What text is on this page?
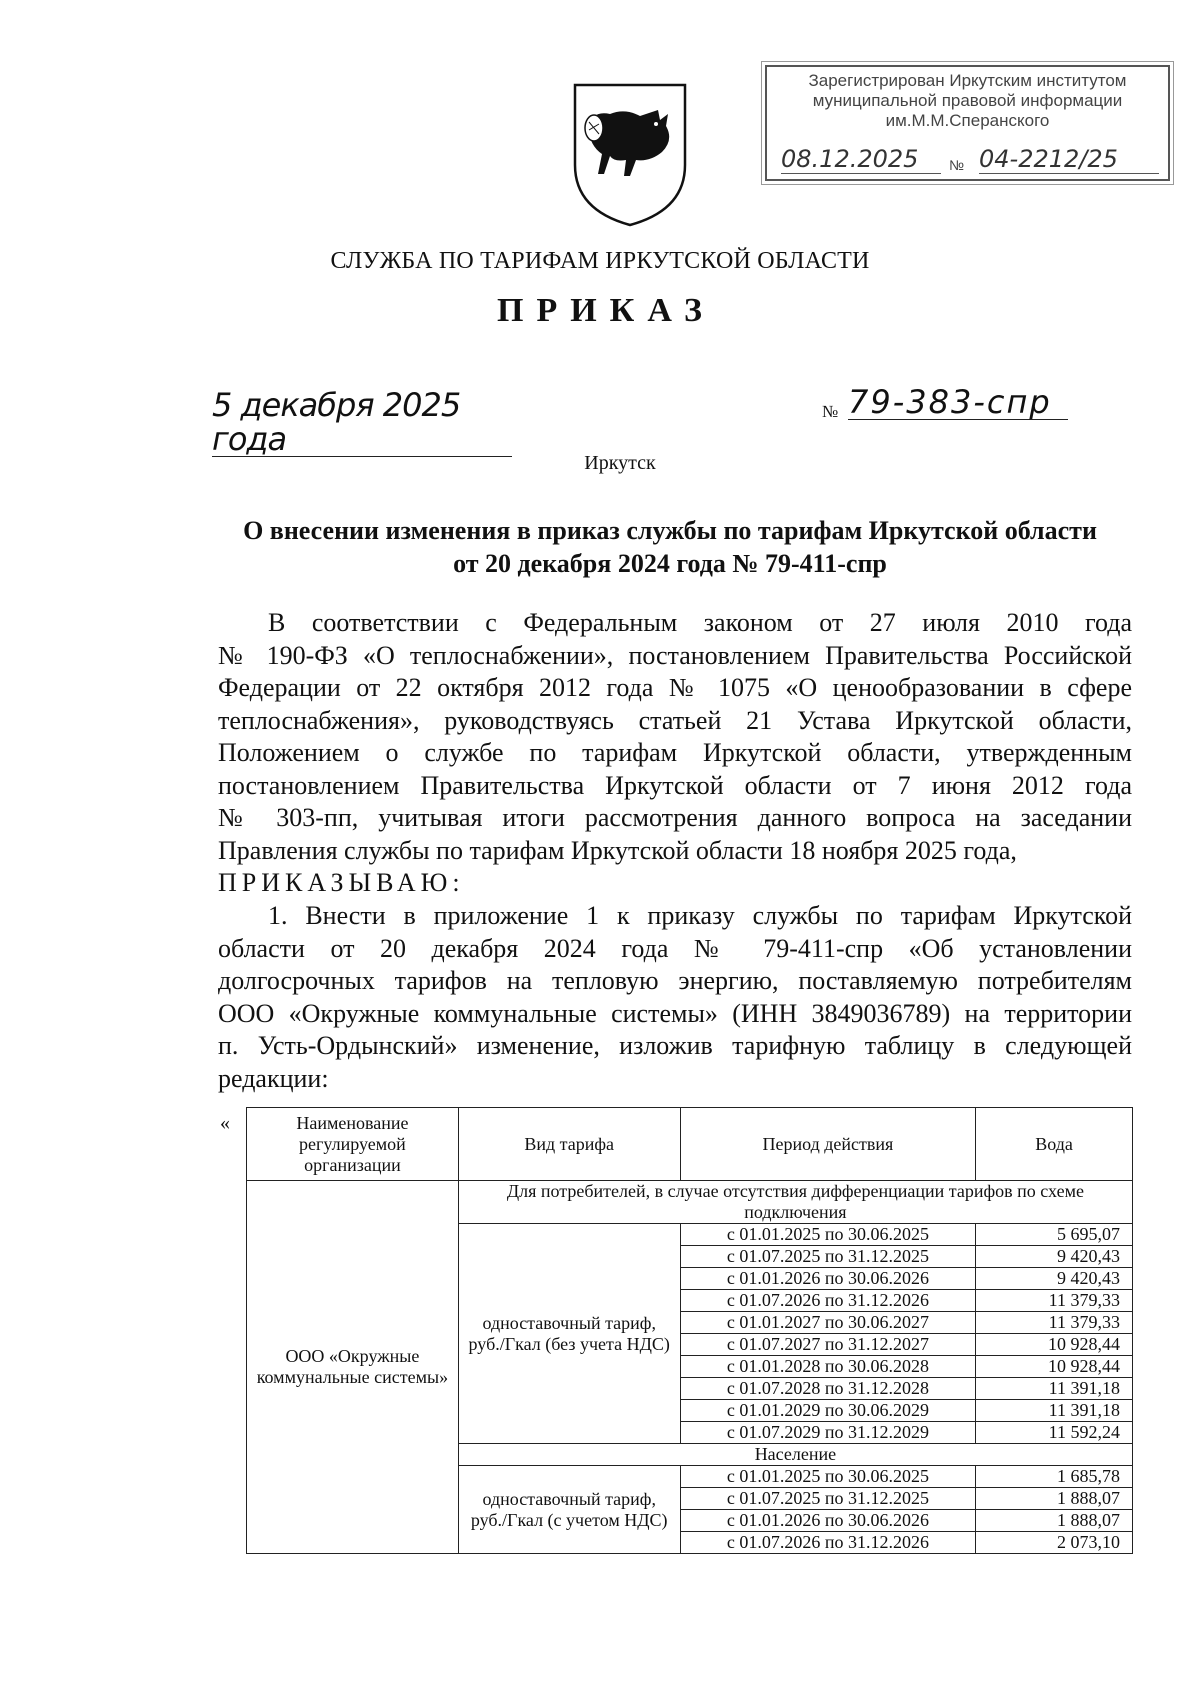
Зарегистрирован Иркутским институтом
муниципальной правовой информации
им.М.М.Сперанского
08.12.2025	№ 04-2212/25
СЛУЖБА ПО ТАРИФАМ ИРКУТСКОЙ ОБЛАСТИ
ПРИКАЗ
5 декабря 2025 года
№ 79-383-спр
Иркутск
О внесении изменения в приказ службы по тарифам Иркутской области
от 20 декабря 2024 года № 79-411-спр
В соответствии с Федеральным законом от 27 июля 2010 года
№ 190-ФЗ «О теплоснабжении», постановлением Правительства Российской
Федерации от 22 октября 2012 года № 1075 «О ценообразовании в сфере
теплоснабжения», руководствуясь статьей 21 Устава Иркутской области,
Положением о службе по тарифам Иркутской области, утвержденным
постановлением Правительства Иркутской области от 7 июня 2012 года
№ 303-пп, учитывая итоги рассмотрения данного вопроса на заседании
Правления службы по тарифам Иркутской области 18 ноября 2025 года,
ПРИКАЗЫВАЮ:
1. Внести в приложение 1 к приказу службы по тарифам Иркутской
области от 20 декабря 2024 года № 79-411-спр «Об установлении
долгосрочных тарифов на тепловую энергию, поставляемую потребителям
ООО «Окружные коммунальные системы» (ИНН 3849036789) на территории
п. Усть-Ордынский» изменение, изложив тарифную таблицу в следующей
редакции:
«	Наименование регулируемой организации	Вид тарифа	Период действия	Вода
ООО «Окружные коммунальные системы»	Для потребителей, в случае отсутствия дифференциации тарифов по схеме подключения		
	одноставочный тариф, руб./Гкал (без учета НДС)	с 01.01.2025 по 30.06.2025	5 695,07
		с 01.07.2025 по 31.12.2025	9 420,43
		с 01.01.2026 по 30.06.2026	9 420,43
		с 01.07.2026 по 31.12.2026	11 379,33
		с 01.01.2027 по 30.06.2027	11 379,33
		с 01.07.2027 по 31.12.2027	10 928,44
		с 01.01.2028 по 30.06.2028	10 928,44
		с 01.07.2028 по 31.12.2028	11 391,18
		с 01.01.2029 по 30.06.2029	11 391,18
		с 01.07.2029 по 31.12.2029	11 592,24
	Население		
	одноставочный тариф, руб./Гкал (с учетом НДС)	с 01.01.2025 по 30.06.2025	1 685,78
		с 01.07.2025 по 31.12.2025	1 888,07
		с 01.01.2026 по 30.06.2026	1 888,07
		с 01.07.2026 по 31.12.2026	2 073,10
